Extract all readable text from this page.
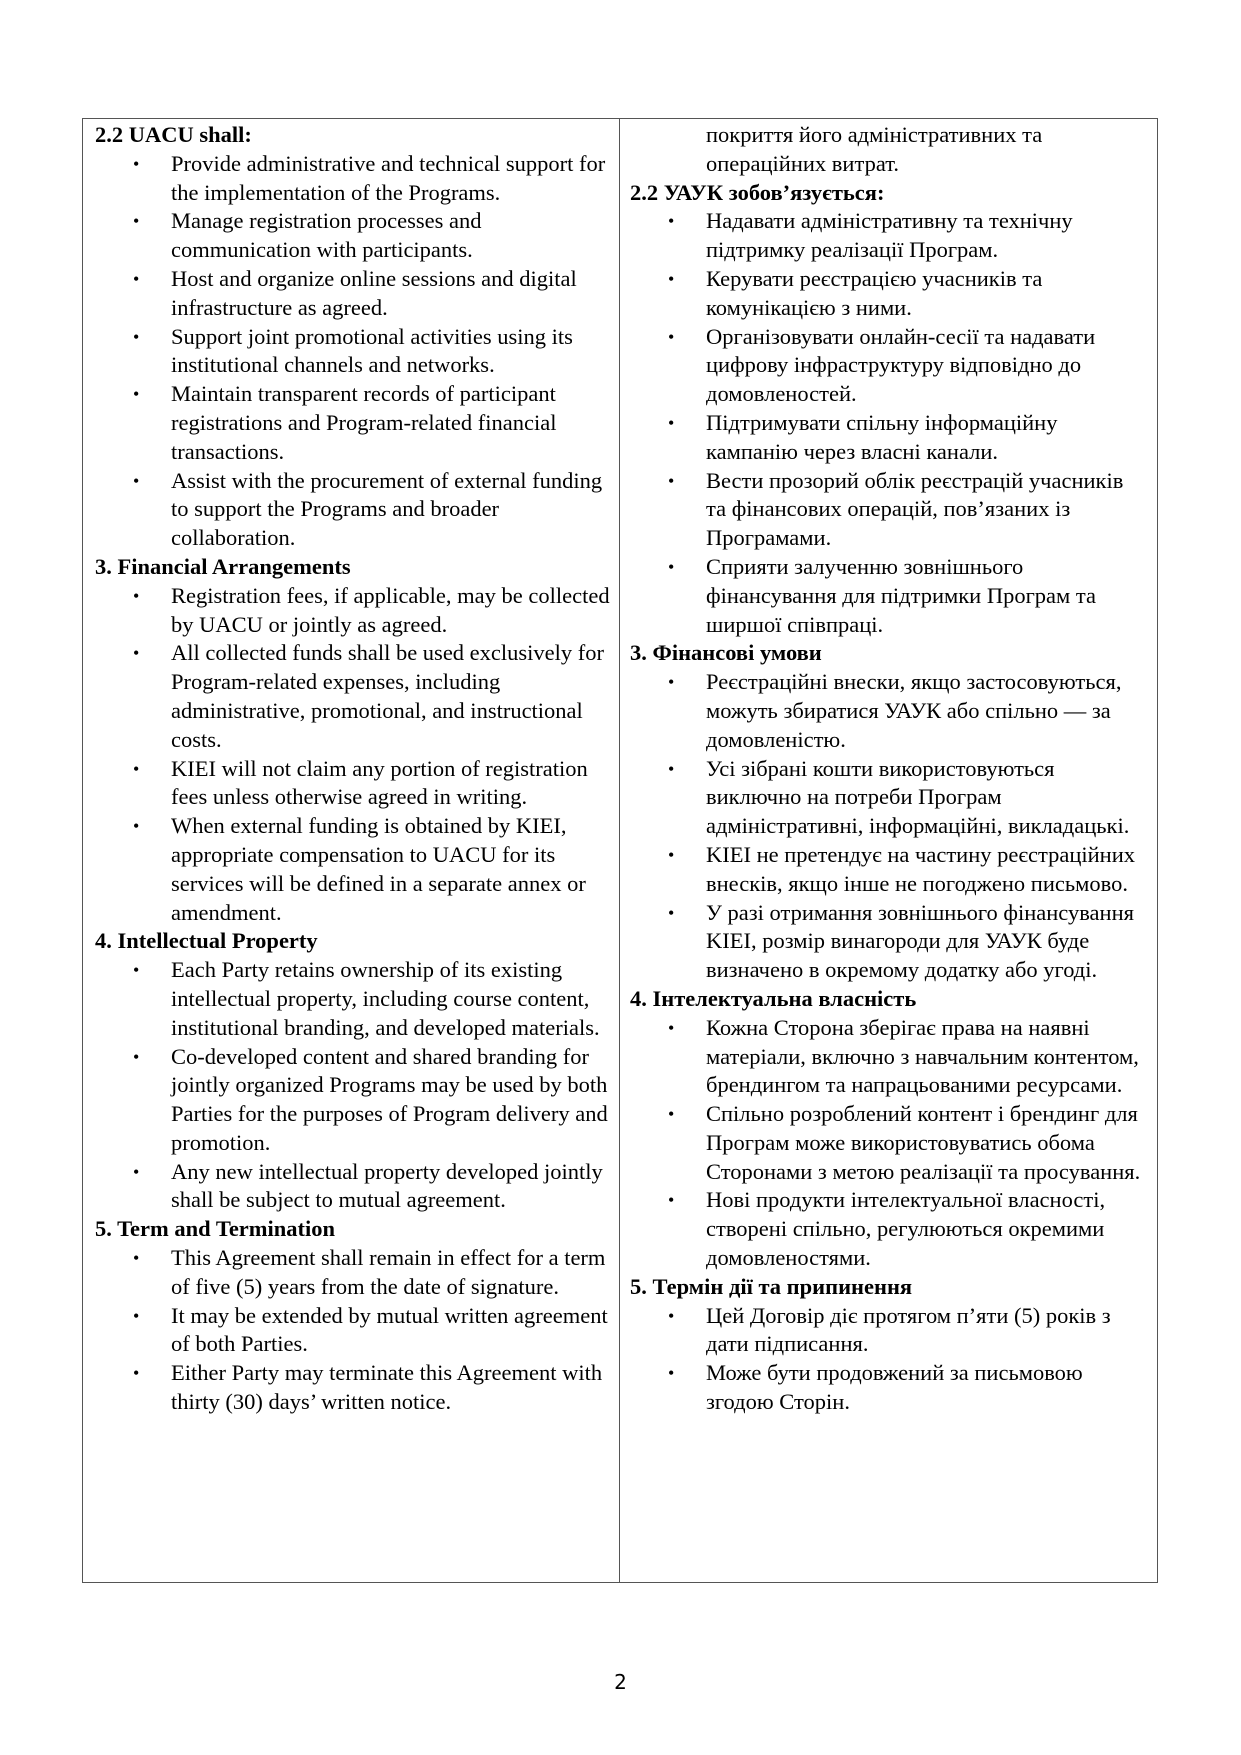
2.2 UACU shall:

• Provide administrative and technical support for the implementation of the Programs.
• Manage registration processes and communication with participants.
• Host and organize online sessions and digital infrastructure as agreed.
• Support joint promotional activities using its institutional channels and networks.
• Maintain transparent records of participant registrations and Program-related financial transactions.
• Assist with the procurement of external funding to support the Programs and broader collaboration.

3. Financial Arrangements

• Registration fees, if applicable, may be collected by UACU or jointly as agreed.
• All collected funds shall be used exclusively for Program-related expenses, including administrative, promotional, and instructional costs.
• KIEI will not claim any portion of registration fees unless otherwise agreed in writing.
• When external funding is obtained by KIEI, appropriate compensation to UACU for its services will be defined in a separate annex or amendment.

4. Intellectual Property

• Each Party retains ownership of its existing intellectual property, including course content, institutional branding, and developed materials.
• Co-developed content and shared branding for jointly organized Programs may be used by both Parties for the purposes of Program delivery and promotion.
• Any new intellectual property developed jointly shall be subject to mutual agreement.

5. Term and Termination

• This Agreement shall remain in effect for a term of five (5) years from the date of signature.
• It may be extended by mutual written agreement of both Parties.
• Either Party may terminate this Agreement with thirty (30) days’ written notice.

покриття його адміністративних та операційних витрат.

2.2 УАУК зобов’язується:

• Надавати адміністративну та технічну підтримку реалізації Програм.
• Керувати реєстрацією учасників та комунікацією з ними.
• Організовувати онлайн-сесії та надавати цифрову інфраструктуру відповідно до домовленостей.
• Підтримувати спільну інформаційну кампанію через власні канали.
• Вести прозорий облік реєстрацій учасників та фінансових операцій, пов’язаних із Програмами.
• Сприяти залученню зовнішнього фінансування для підтримки Програм та ширшої співпраці.

3. Фінансові умови

• Реєстраційні внески, якщо застосовуються, можуть збиратися УАУК або спільно — за домовленістю.
• Усі зібрані кошти використовуються виключно на потреби Програм адміністративні, інформаційні, викладацькі.
• KIEI не претендує на частину реєстраційних внесків, якщо інше не погоджено письмово.
• У разі отримання зовнішнього фінансування KIEI, розмір винагороди для УАУК буде визначено в окремому додатку або угоді.

4. Інтелектуальна власність

• Кожна Сторона зберігає права на наявні матеріали, включно з навчальним контентом, брендингом та напрацьованими ресурсами.
• Спільно розроблений контент і брендинг для Програм може використовуватись обома Сторонами з метою реалізації та просування.
• Нові продукти інтелектуальної власності, створені спільно, регулюються окремими домовленостями.

5. Термін дії та припинення

• Цей Договір діє протягом п’яти (5) років з дати підписання.
• Може бути продовжений за письмовою згодою Сторін.
2
